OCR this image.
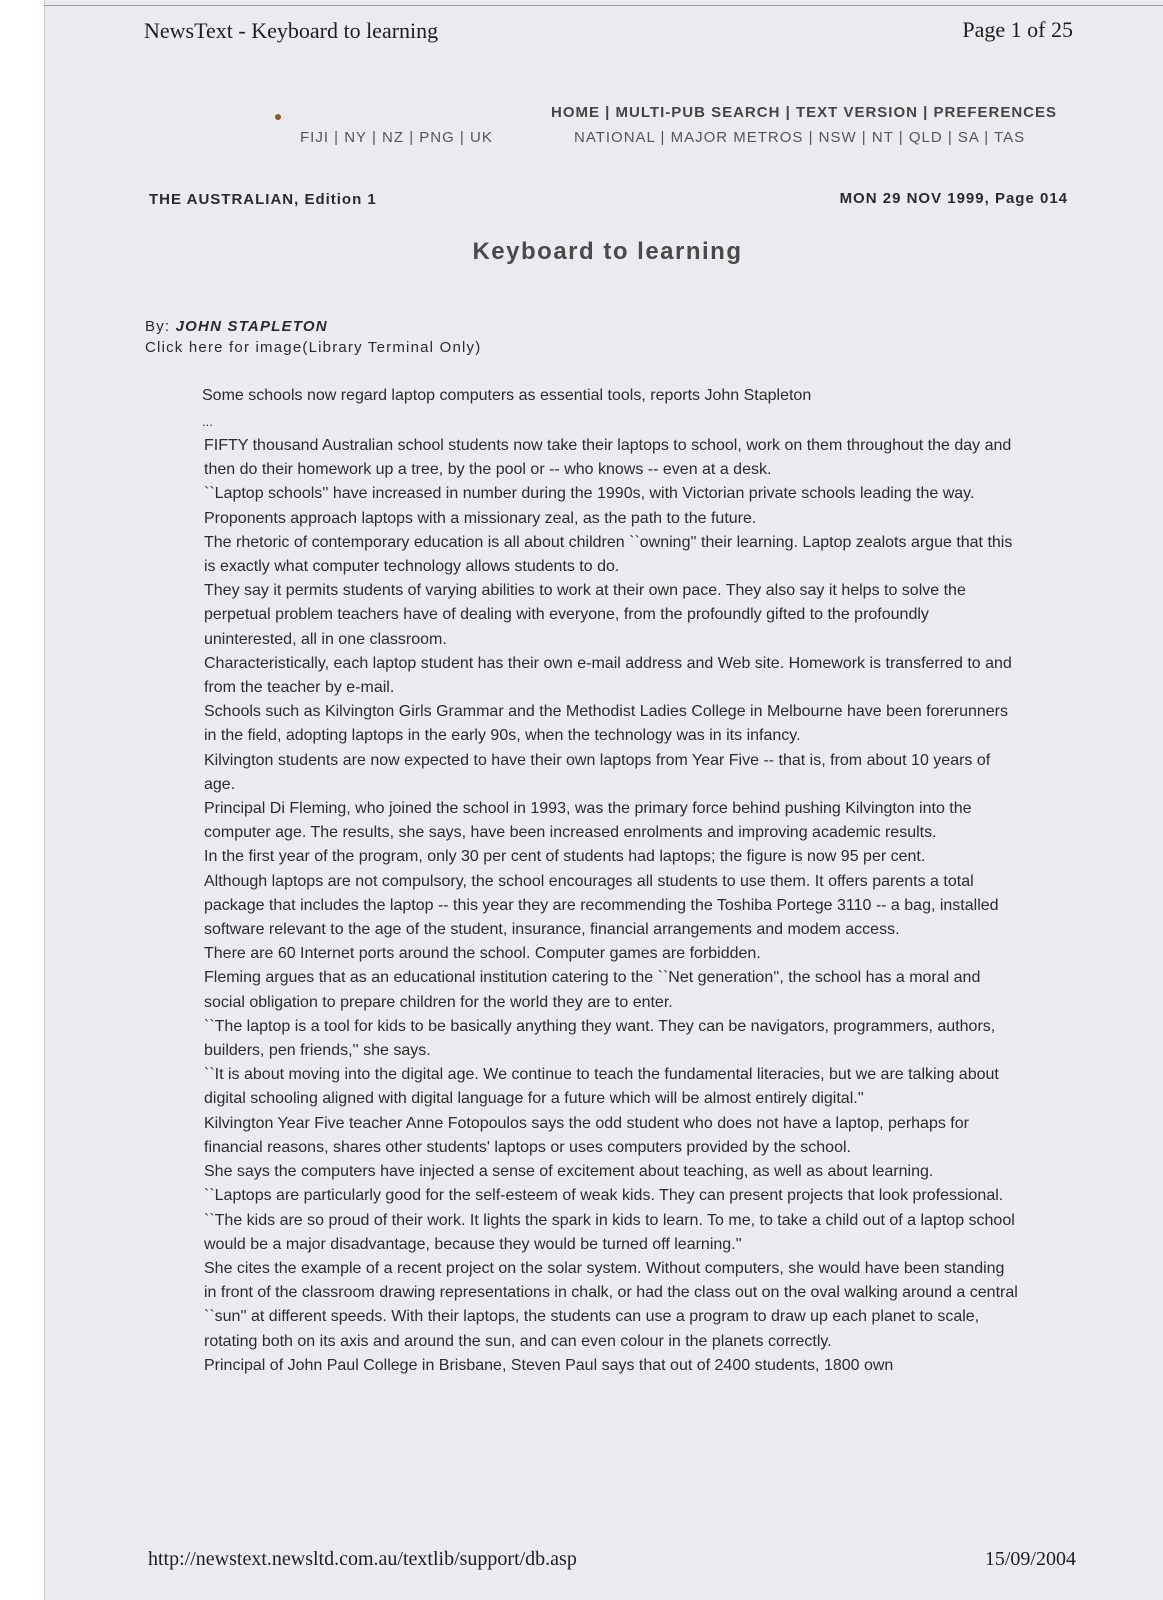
NewsText - Keyboard to learning	Page 1 of 25
HOME | MULTI-PUB SEARCH | TEXT VERSION | PREFERENCES
FIJI | NY | NZ | PNG | UK	NATIONAL | MAJOR METROS | NSW | NT | QLD | SA | TAS
THE AUSTRALIAN, Edition 1	MON 29 NOV 1999, Page 014
Keyboard to learning
By: JOHN STAPLETON
Click here for image(Library Terminal Only)
Some schools now regard laptop computers as essential tools, reports John Stapleton
...

FIFTY thousand Australian school students now take their laptops to school, work on them throughout the day and then do their homework up a tree, by the pool or -- who knows -- even at a desk.

``Laptop schools'' have increased in number during the 1990s, with Victorian private schools leading the way. Proponents approach laptops with a missionary zeal, as the path to the future.

The rhetoric of contemporary education is all about children ``owning'' their learning. Laptop zealots argue that this is exactly what computer technology allows students to do.

They say it permits students of varying abilities to work at their own pace. They also say it helps to solve the perpetual problem teachers have of dealing with everyone, from the profoundly gifted to the profoundly uninterested, all in one classroom.

Characteristically, each laptop student has their own e-mail address and Web site. Homework is transferred to and from the teacher by e-mail.

Schools such as Kilvington Girls Grammar and the Methodist Ladies College in Melbourne have been forerunners in the field, adopting laptops in the early 90s, when the technology was in its infancy.

Kilvington students are now expected to have their own laptops from Year Five -- that is, from about 10 years of age.

Principal Di Fleming, who joined the school in 1993, was the primary force behind pushing Kilvington into the computer age. The results, she says, have been increased enrolments and improving academic results.

In the first year of the program, only 30 per cent of students had laptops; the figure is now 95 per cent.

Although laptops are not compulsory, the school encourages all students to use them. It offers parents a total package that includes the laptop -- this year they are recommending the Toshiba Portege 3110 -- a bag, installed software relevant to the age of the student, insurance, financial arrangements and modem access.

There are 60 Internet ports around the school. Computer games are forbidden.

Fleming argues that as an educational institution catering to the ``Net generation'', the school has a moral and social obligation to prepare children for the world they are to enter.

``The laptop is a tool for kids to be basically anything they want. They can be navigators, programmers, authors, builders, pen friends,'' she says.

``It is about moving into the digital age. We continue to teach the fundamental literacies, but we are talking about digital schooling aligned with digital language for a future which will be almost entirely digital.''

Kilvington Year Five teacher Anne Fotopoulos says the odd student who does not have a laptop, perhaps for financial reasons, shares other students' laptops or uses computers provided by the school.

She says the computers have injected a sense of excitement about teaching, as well as about learning.

``Laptops are particularly good for the self-esteem of weak kids. They can present projects that look professional.

``The kids are so proud of their work. It lights the spark in kids to learn. To me, to take a child out of a laptop school would be a major disadvantage, because they would be turned off learning.''

She cites the example of a recent project on the solar system. Without computers, she would have been standing in front of the classroom drawing representations in chalk, or had the class out on the oval walking around a central ``sun'' at different speeds. With their laptops, the students can use a program to draw up each planet to scale, rotating both on its axis and around the sun, and can even colour in the planets correctly.

Principal of John Paul College in Brisbane, Steven Paul says that out of 2400 students, 1800 own

http://newstext.newsltd.com.au/textlib/support/db.asp	15/09/2004
